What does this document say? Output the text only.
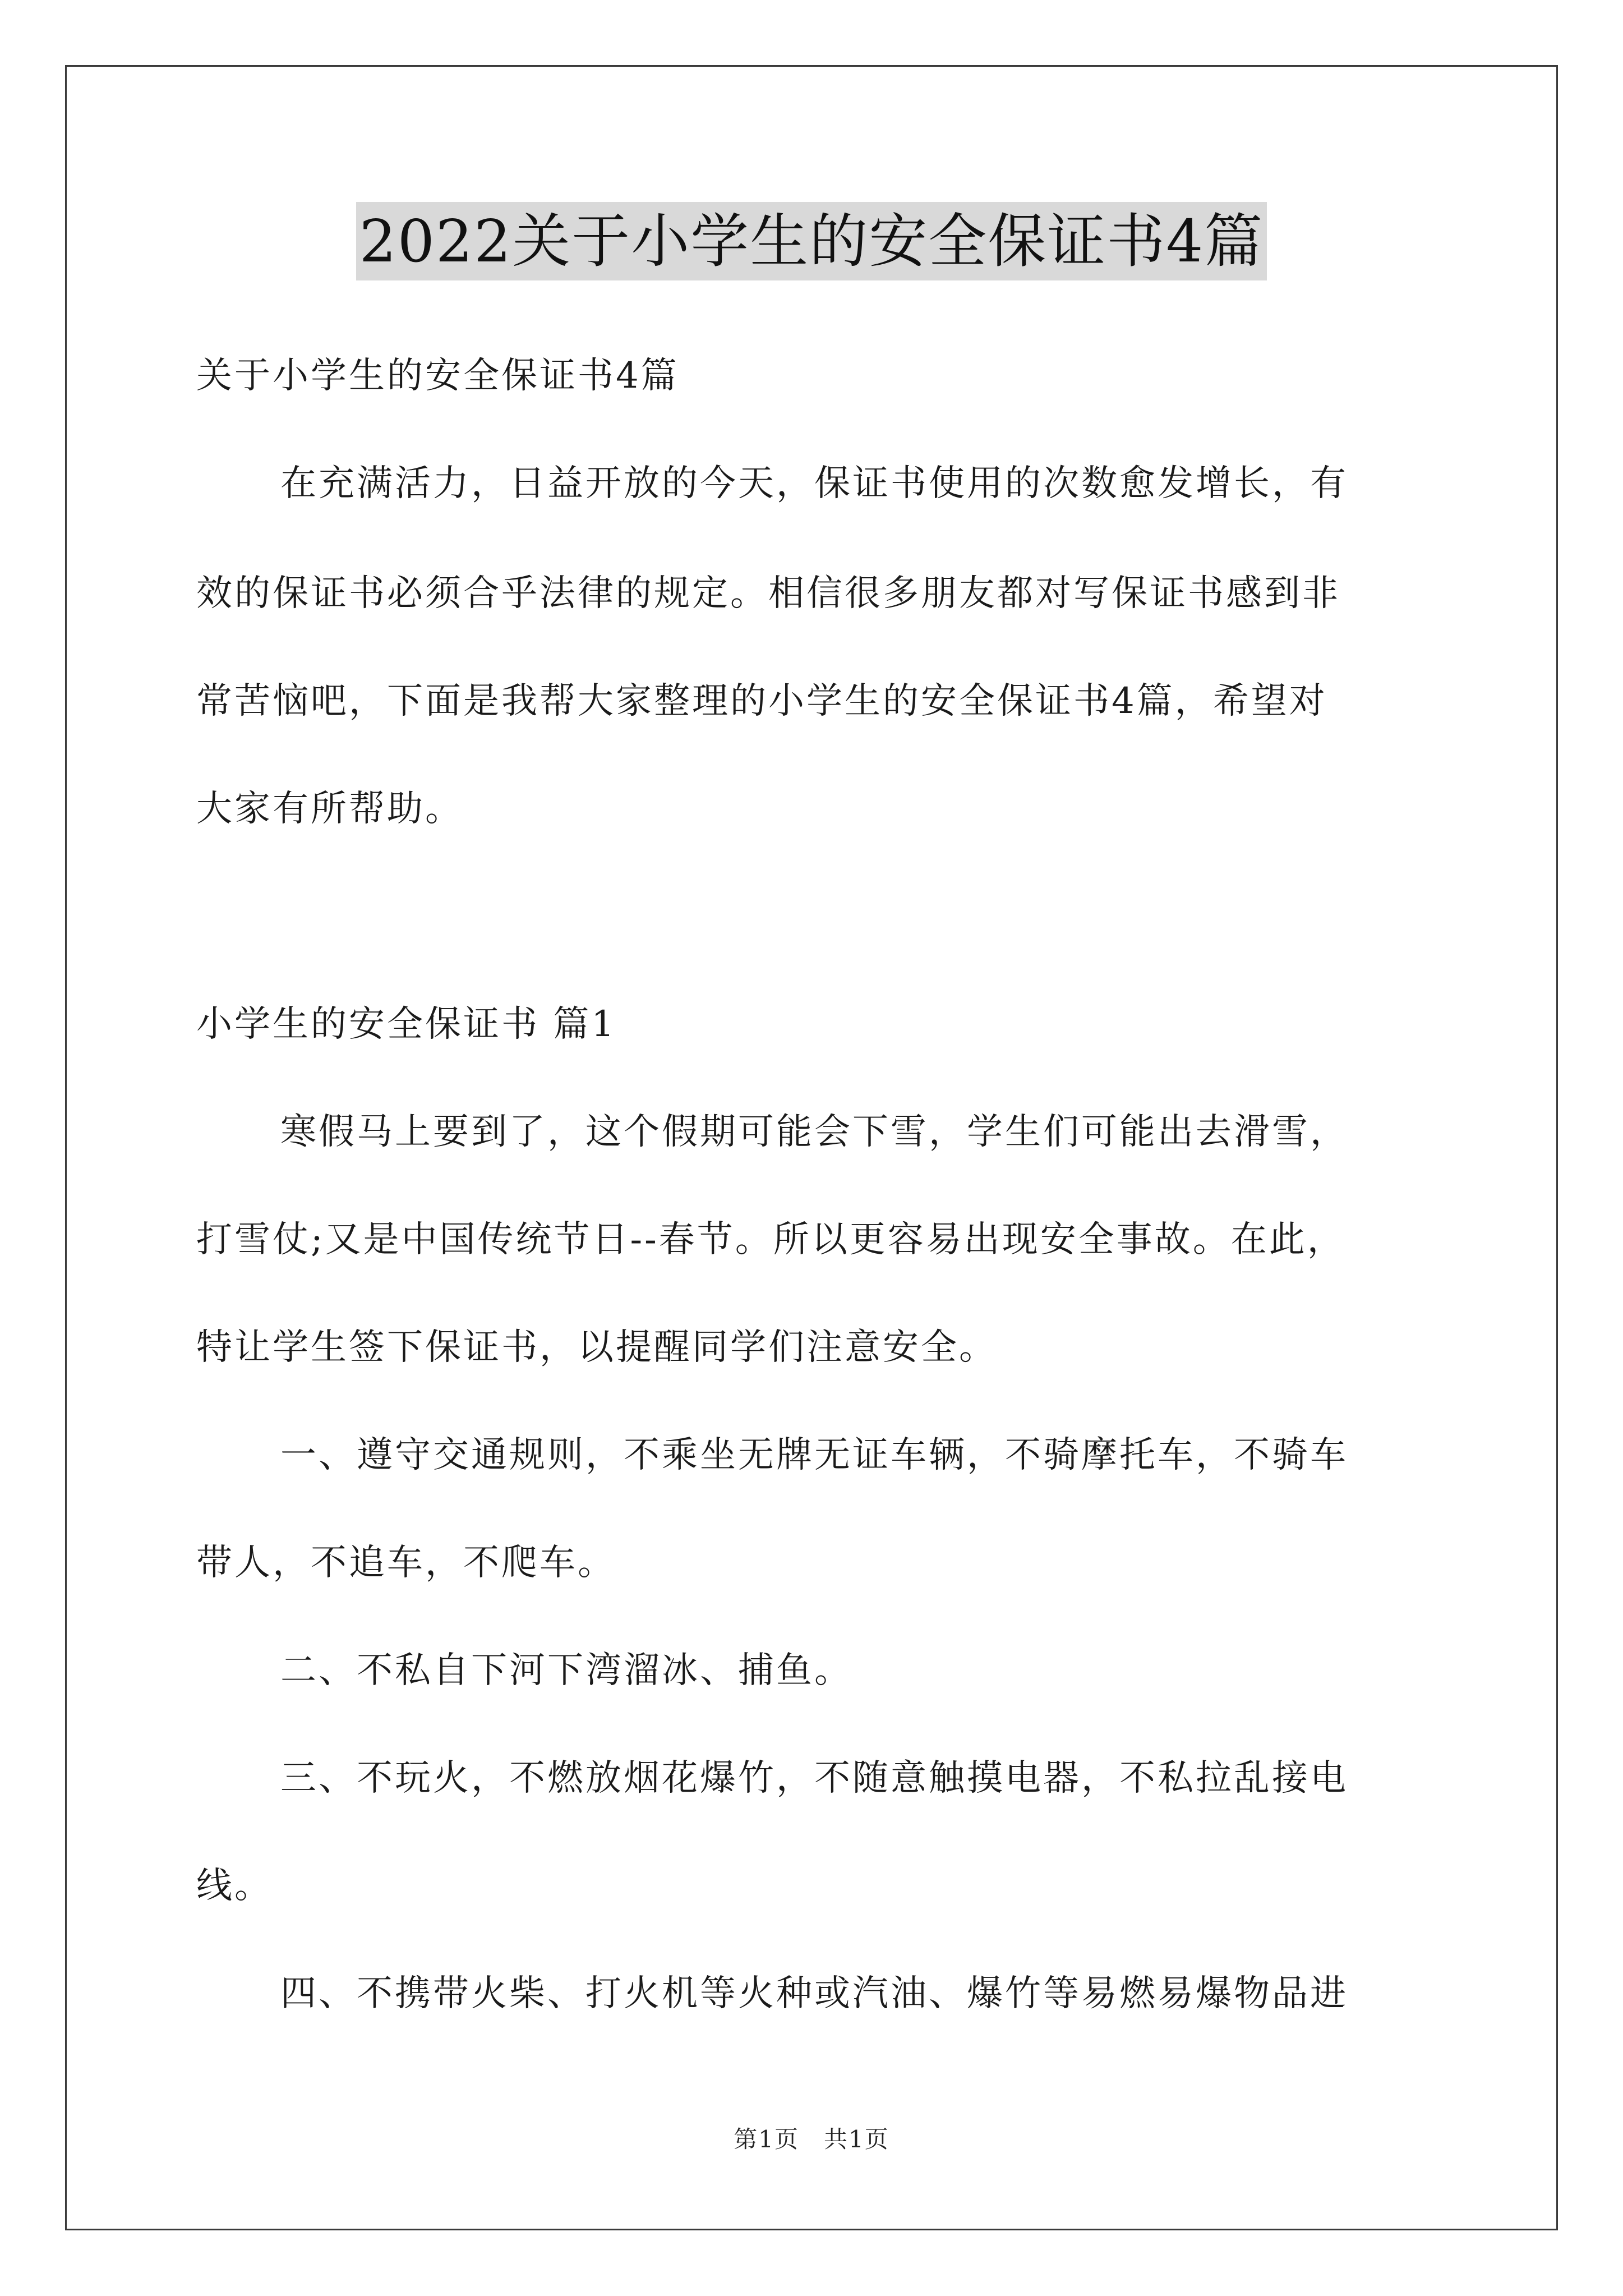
2022关于小学生的安全保证书4篇
关于小学生的安全保证书4篇
在充满活力，日益开放的今天，保证书使用的次数愈发增长，有
效的保证书必须合乎法律的规定。相信很多朋友都对写保证书感到非
常苦恼吧，下面是我帮大家整理的小学生的安全保证书4篇，希望对
大家有所帮助。
小学生的安全保证书 篇1
寒假马上要到了，这个假期可能会下雪，学生们可能出去滑雪，
打雪仗;又是中国传统节日--春节。所以更容易出现安全事故。在此，
特让学生签下保证书，以提醒同学们注意安全。
一、遵守交通规则，不乘坐无牌无证车辆，不骑摩托车，不骑车
带人，不追车，不爬车。
二、不私自下河下湾溜冰、捕鱼。
三、不玩火，不燃放烟花爆竹，不随意触摸电器，不私拉乱接电
线。
四、不携带火柴、打火机等火种或汽油、爆竹等易燃易爆物品进
第1页　共1页
